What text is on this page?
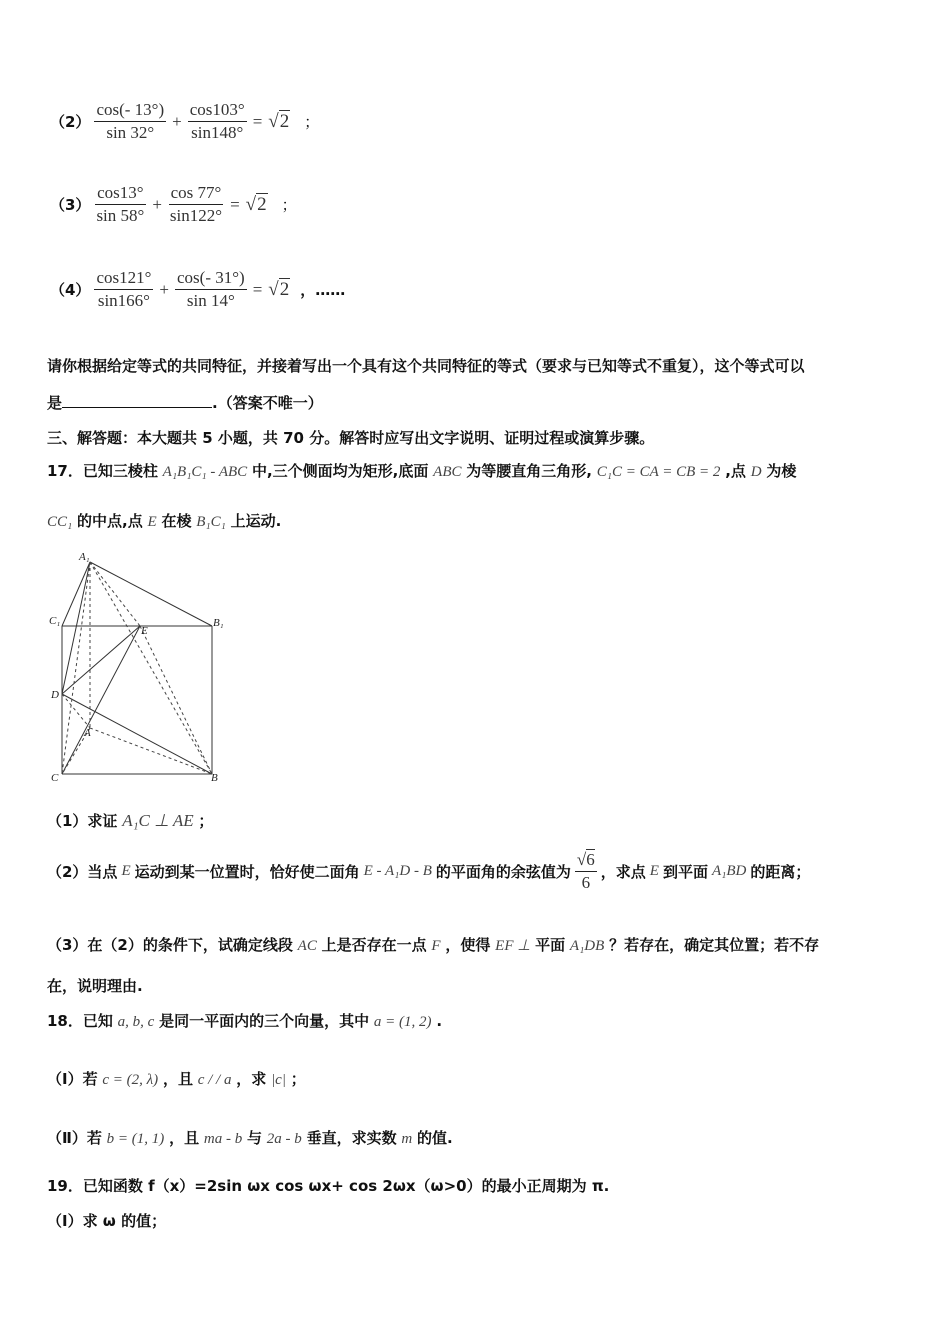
$(2) \frac{\cos(- 13^\circ)}{\sin 32^\circ} + \frac{\cos 103^\circ}{\sin 148^\circ} = √2$ ；
$(3) \frac{\cos 13^\circ}{\sin 58^\circ} + \frac{\cos 77^\circ}{\sin 122^\circ} = √2$ ；
$(4) \frac{\cos 121^\circ}{\sin 166^\circ} + \frac{\cos(- 31^\circ)}{\sin 14^\circ} = √2$ ，……
请你根据给定等式的共同特征，并接着写出一个具有这个共同特征的等式（要求与已知等式不重复），这个等式可以
是	.（答案不唯一）
三、解答题：本大题共 5 小题，共 70 分。解答时应写出文字说明、证明过程或演算步骤。
17．已知三棱柱 A₁B₁C₁ - ABC 中,三个侧面均为矩形,底面 ABC 为等腰直角三角形, C₁C = CA = CB = 2 ,点 D 为棱
CC₁ 的中点,点 E 在棱 B₁C₁ 上运动.
A₁
C₁
E
B₁
D
A
C	B
（1）求证 A₁C ⊥ AE ；
（2）当点 E 运动到某一位置时，恰好使二面角 E - A₁D - B 的平面角的余弦值为 $\frac{√6}{6}$ ，求点 E 到平面 A₁BD 的距离；
（3）在（2）的条件下，试确定线段 AC 上是否存在一点 F ，使得 EF ⊥ 平面 A₁DB ？若存在，确定其位置；若不存
在，说明理由.
18．已知 a, b, c 是同一平面内的三个向量，其中 a = (1, 2) .
（Ⅰ）若 c = (2, λ) ，且 c / / a ，求 |c| ；
（Ⅱ）若 b = (1, 1) ，且 ma - b 与 2a - b 垂直，求实数 m 的值.
19．已知函数 f（x）=2sin ωx cos ωx+ cos 2ωx（ω>0）的最小正周期为 π.
（Ⅰ）求 ω 的值；
